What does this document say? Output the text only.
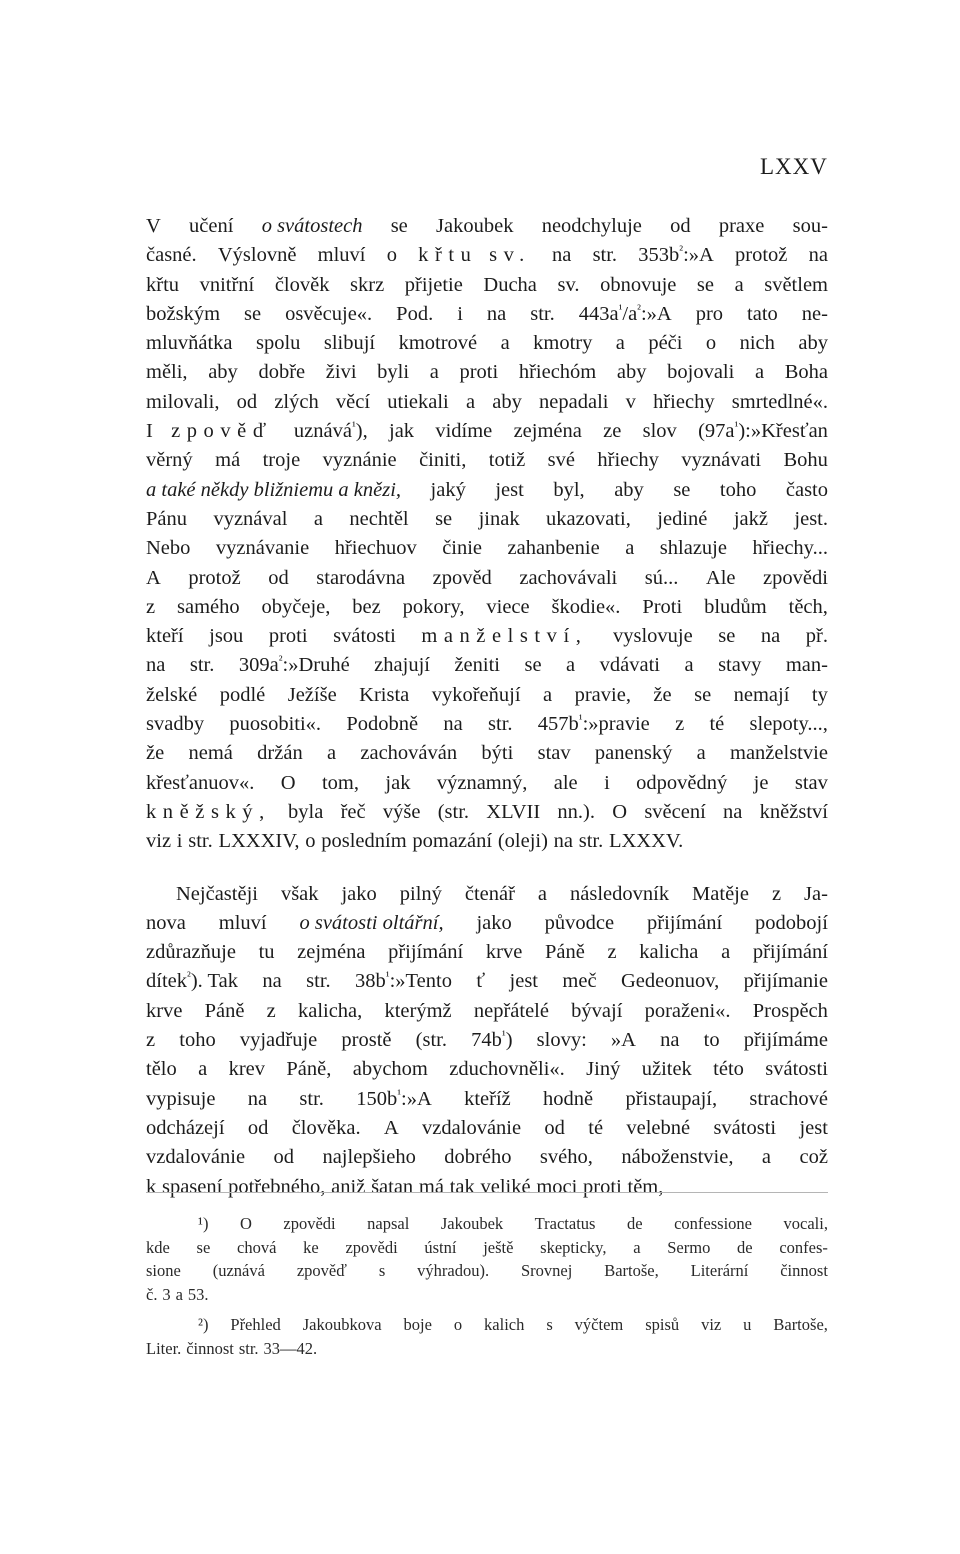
LXXV
V učení o svátostech se Jakoubek neodchyluje od praxe sou-
časné. Výslovně mluví o křtu sv. na str. $353b^{^2}:»A$ protož na
křtu vnitřní člověk skrz přijetie Ducha sv. obnovuje se a světlem
božským se osvěcuje«. Pod. i na str. $443a^{^1}/a^{^2}:»A$ pro tato ne-
mluvňátka spolu slibují kmotrové a kmotry a péči o nich aby
měli, aby dobře živi byli a proti hřiechóm aby bojovali a Boha
milovali, od zlých věcí utiekali a aby nepadali v hřiechy smrtedlné«.
I zpověď uznává$^{^1}$), jak vidíme zejména ze slov $(97a^{^1}):»Křesťan$
věrný má troje vyznánie činiti, totiž své hřiechy vyznávati Bohu
a také někdy bližniemu a knězi, jaký jest byl, aby se toho často
Pánu vyznával a nechtěl se jinak ukazovati, jediné jakž jest.
Nebo vyznávanie hřiechuov činie zahanbenie a shlazuje hřiechy...
A protož od starodávna zpověd zachovávali sú... Ale zpovědi
z samého obyčeje, bez pokory, viece škodie«. Proti bludům těch,
kteří jsou proti svátosti manželství, vyslovuje se na př.
na str. $309a^{^2}:»Druhé$ zhajují ženiti se a vdávati a stavy man-
želské podlé Ježíše Krista vykořeňují a pravie, že se nemají ty
svadby puosobiti«. Podobně na str. $457b^{^1}:»pravie$ z té slepoty...,
že nemá držán a zachováván býti stav panenský a manželstvie
křesťanuov«. O tom, jak významný, ale i odpovědný je stav
kněžský, byla řeč výše (str. XLVII nn.). O svěcení na kněžství
viz i str. LXXXIV, o posledním pomazání (oleji) na str. LXXXV.
Nejčastěji však jako pilný čtenář a následovník Matěje z Ja-
nova mluví o svátosti oltářní, jako původce přijímání podobojí
zdůrazňuje tu zejména přijímání krve Páně z kalicha a přijímání
dítek$^{^2}$). Tak na str. $38b^{^1}:»Tento$ ť jest meč Gedeonuov, přijímanie
krve Páně z kalicha, kterýmž nepřátelé bývají poraženi«. Prospěch
z toho vyjadřuje prostě (str. $74b^{^1}$) slovy: »A na to přijímáme
tělo a krev Páně, abychom zduchovněli«. Jiný užitek této svátosti
vypisuje na str. $150b^{^1}:»A$ kteříž hodně přistaupají, strachové
odcházejí od člověka. A vzdalovánie od té velebné svátosti jest
vzdalovánie od najlepšieho dobrého svého, náboženstvie, a což
k spasení potřebného, aniž šatan má tak veliké moci proti těm,
¹) O zpovědi napsal Jakoubek Tractatus de confessione vocali,
kde se chová ke zpovědi ústní ještě skepticky, a Sermo de confes-
sione (uznává zpověď s výhradou). Srovnej Bartoše, Literární činnost
č. 3 a 53.
²) Přehled Jakoubkova boje o kalich s výčtem spisů viz u Bartoše,
Liter. činnost str. 33—42.
